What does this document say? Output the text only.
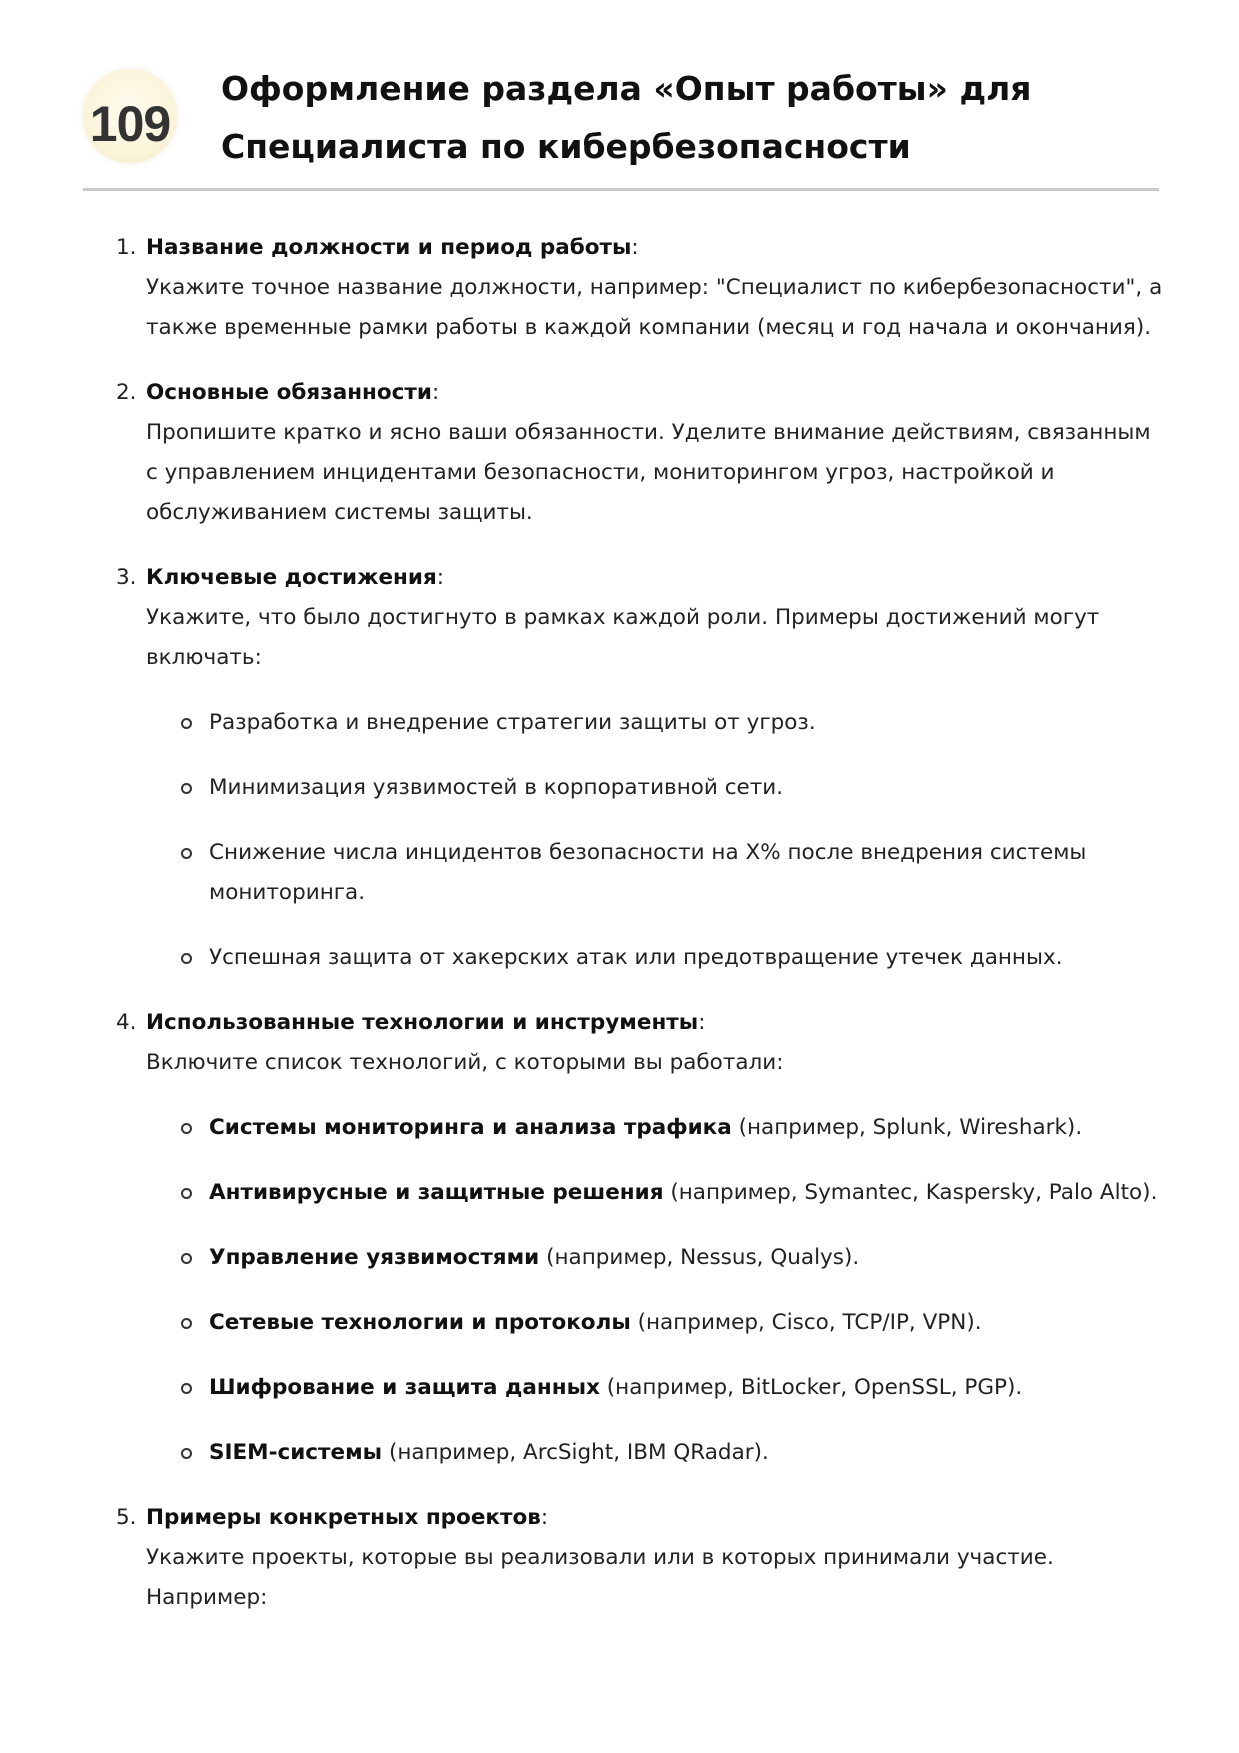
109
Оформление раздела «Опыт работы» для
Специалиста по кибербезопасности
1. Название должности и период работы:
Укажите точное название должности, например: "Специалист по кибербезопасности", а также временные рамки работы в каждой компании (месяц и год начала и окончания).
2. Основные обязанности:
Пропишите кратко и ясно ваши обязанности. Уделите внимание действиям, связанным с управлением инцидентами безопасности, мониторингом угроз, настройкой и обслуживанием системы защиты.
3. Ключевые достижения:
Укажите, что было достигнуто в рамках каждой роли. Примеры достижений могут включать:
Разработка и внедрение стратегии защиты от угроз.
Минимизация уязвимостей в корпоративной сети.
Снижение числа инцидентов безопасности на X% после внедрения системы мониторинга.
Успешная защита от хакерских атак или предотвращение утечек данных.
4. Использованные технологии и инструменты:
Включите список технологий, с которыми вы работали:
Системы мониторинга и анализа трафика (например, Splunk, Wireshark).
Антивирусные и защитные решения (например, Symantec, Kaspersky, Palo Alto).
Управление уязвимостями (например, Nessus, Qualys).
Сетевые технологии и протоколы (например, Cisco, TCP/IP, VPN).
Шифрование и защита данных (например, BitLocker, OpenSSL, PGP).
SIEM-системы (например, ArcSight, IBM QRadar).
5. Примеры конкретных проектов:
Укажите проекты, которые вы реализовали или в которых принимали участие. Например:
